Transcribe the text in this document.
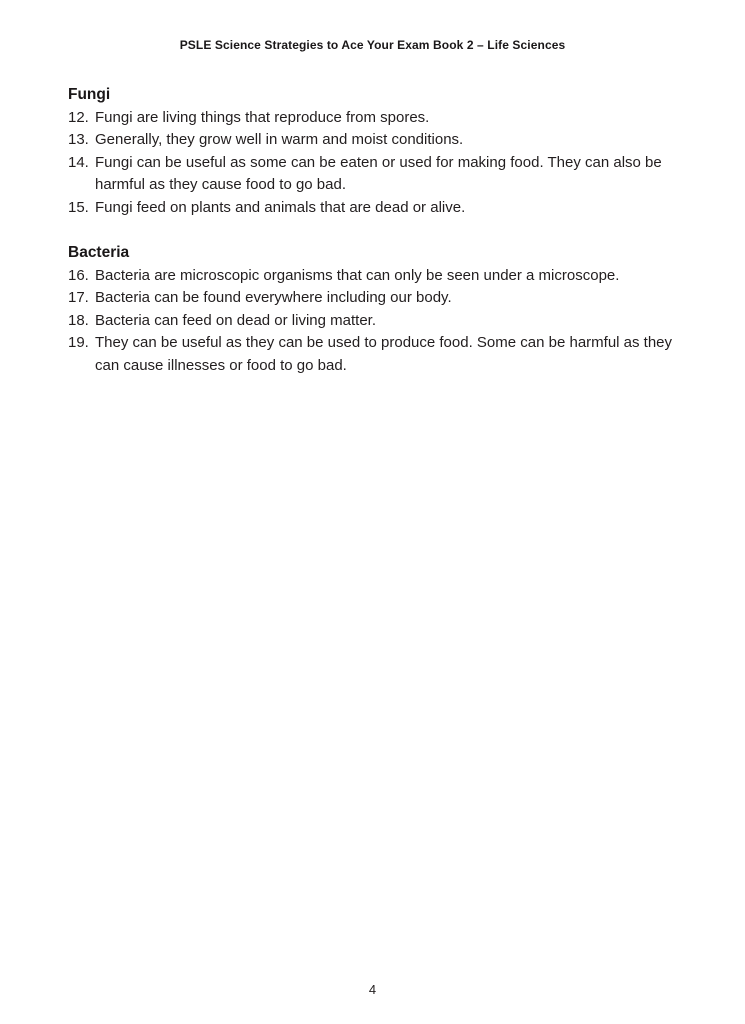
PSLE Science Strategies to Ace Your Exam Book 2 – Life Sciences
Fungi
12. Fungi are living things that reproduce from spores.
13. Generally, they grow well in warm and moist conditions.
14. Fungi can be useful as some can be eaten or used for making food. They can also be harmful as they cause food to go bad.
15. Fungi feed on plants and animals that are dead or alive.
Bacteria
16. Bacteria are microscopic organisms that can only be seen under a microscope.
17. Bacteria can be found everywhere including our body.
18. Bacteria can feed on dead or living matter.
19. They can be useful as they can be used to produce food. Some can be harmful as they can cause illnesses or food to go bad.
4
